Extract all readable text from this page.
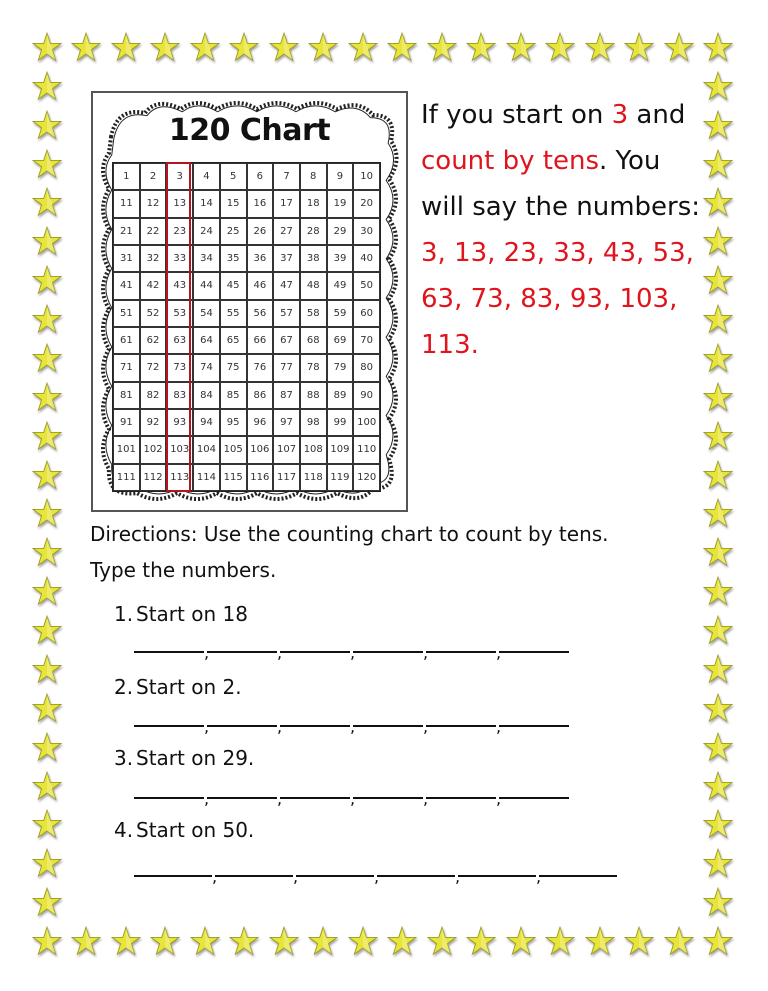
120 Chart
1	2	3	4	5	6	7	8	9	10
11	12	13	14	15	16	17	18	19	20
21	22	23	24	25	26	27	28	29	30
31	32	33	34	35	36	37	38	39	40
41	42	43	44	45	46	47	48	49	50
51	52	53	54	55	56	57	58	59	60
61	62	63	64	65	66	67	68	69	70
71	72	73	74	75	76	77	78	79	80
81	82	83	84	85	86	87	88	89	90
91	92	93	94	95	96	97	98	99	100
101 102 103 104 105 106 107 108 109 110
111 112 113 114 115 116 117 118 119 120
If you start on 3 and count by tens. You will say the numbers: 3, 13, 23, 33, 43, 53, 63, 73, 83, 93, 103, 113.
Directions: Use the counting chart to count by tens.
Type the numbers.
1. Start on 18
,	,	,	,	,
2. Start on 2.
,	,	,	,	,
3. Start on 29.
,	,	,	,	,
4. Start on 50.
,	,	,	,	,
